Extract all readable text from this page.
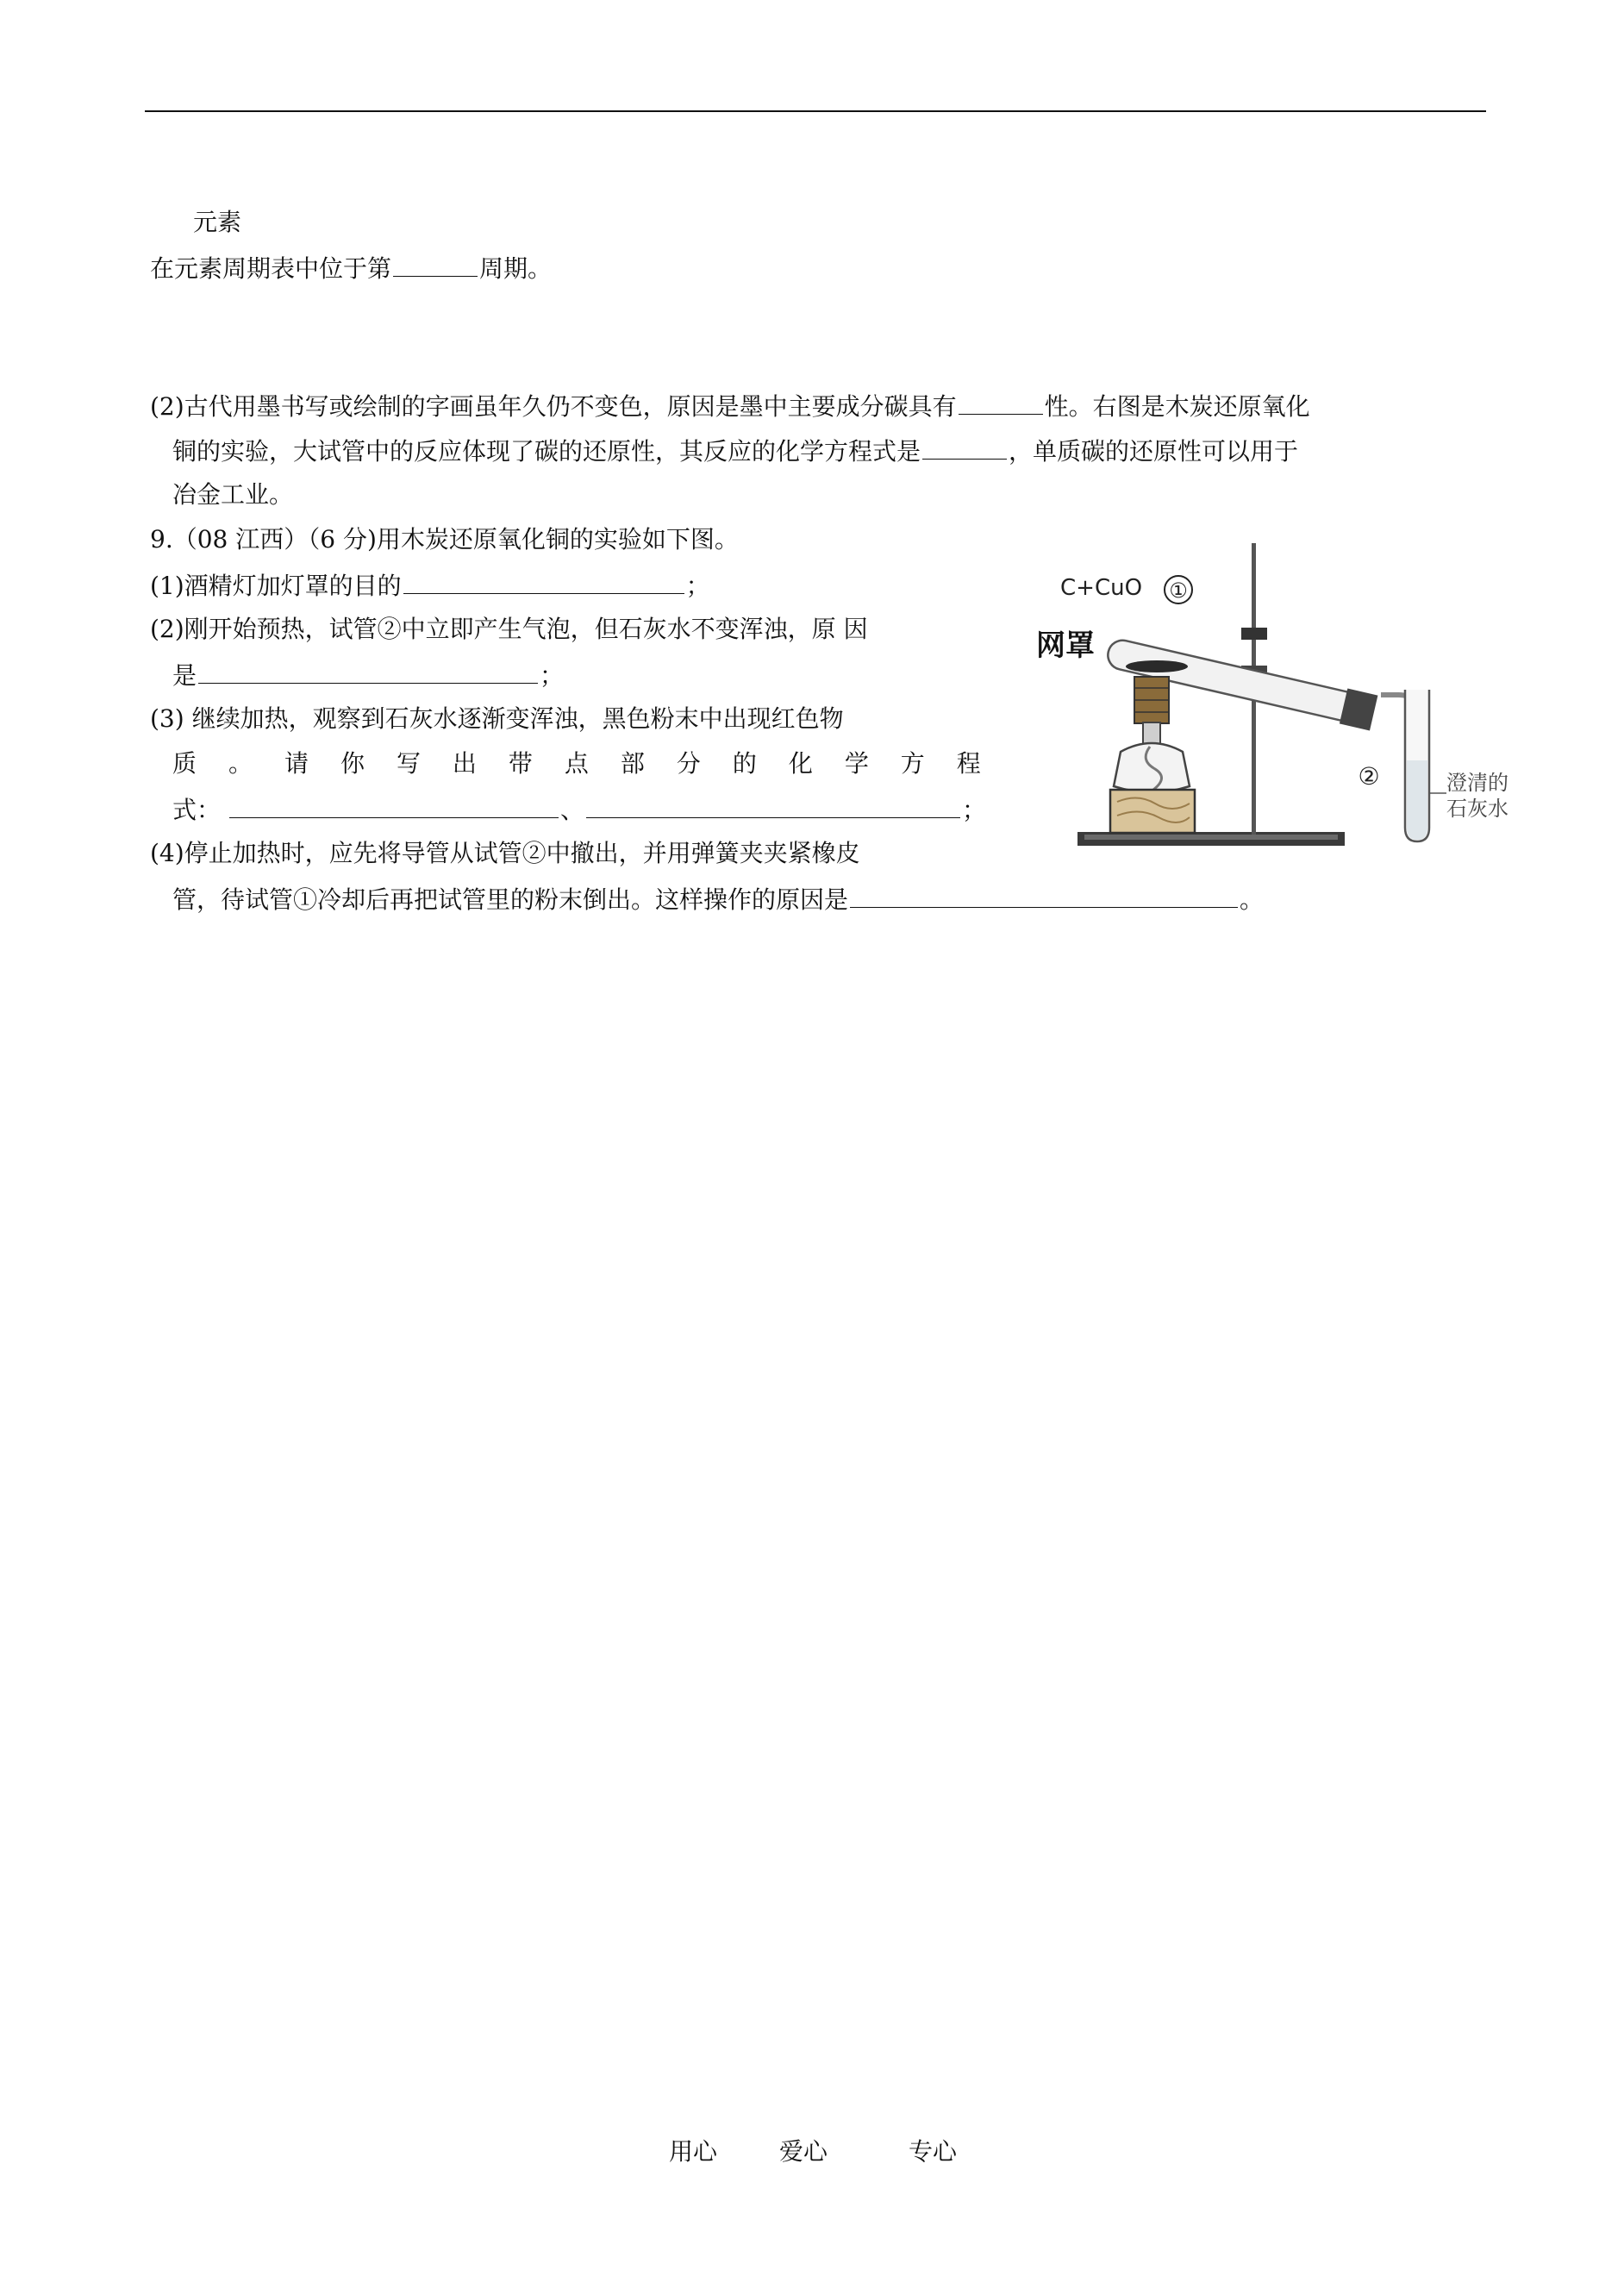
元素
在元素周期表中位于第	周期。
(2)古代用墨书写或绘制的字画虽年久仍不变色，原因是墨中主要成分碳具有	性。右图是木炭还原氧化
铜的实验，大试管中的反应体现了碳的还原性，其反应的化学方程式是	，单质碳的还原性可以用于
冶金工业。
9.（08 江西）（6 分)用木炭还原氧化铜的实验如下图。
(1)酒精灯加灯罩的目的	；
(2)刚开始预热，试管②中立即产生气泡，但石灰水不变浑浊，原 因
是	；
(3) 继续加热，观察到石灰水逐渐变浑浊，黑色粉末中出现红色物
质 。 请 你 写 出 带 点 部 分 的 化 学 方 程
式：	、	；
(4)停止加热时，应先将导管从试管②中撤出，并用弹簧夹夹紧橡皮
管，待试管①冷却后再把试管里的粉末倒出。这样操作的原因是	。
C+CuO ①
网罩
②	澄清的
石灰水
用心	爱心	专心
